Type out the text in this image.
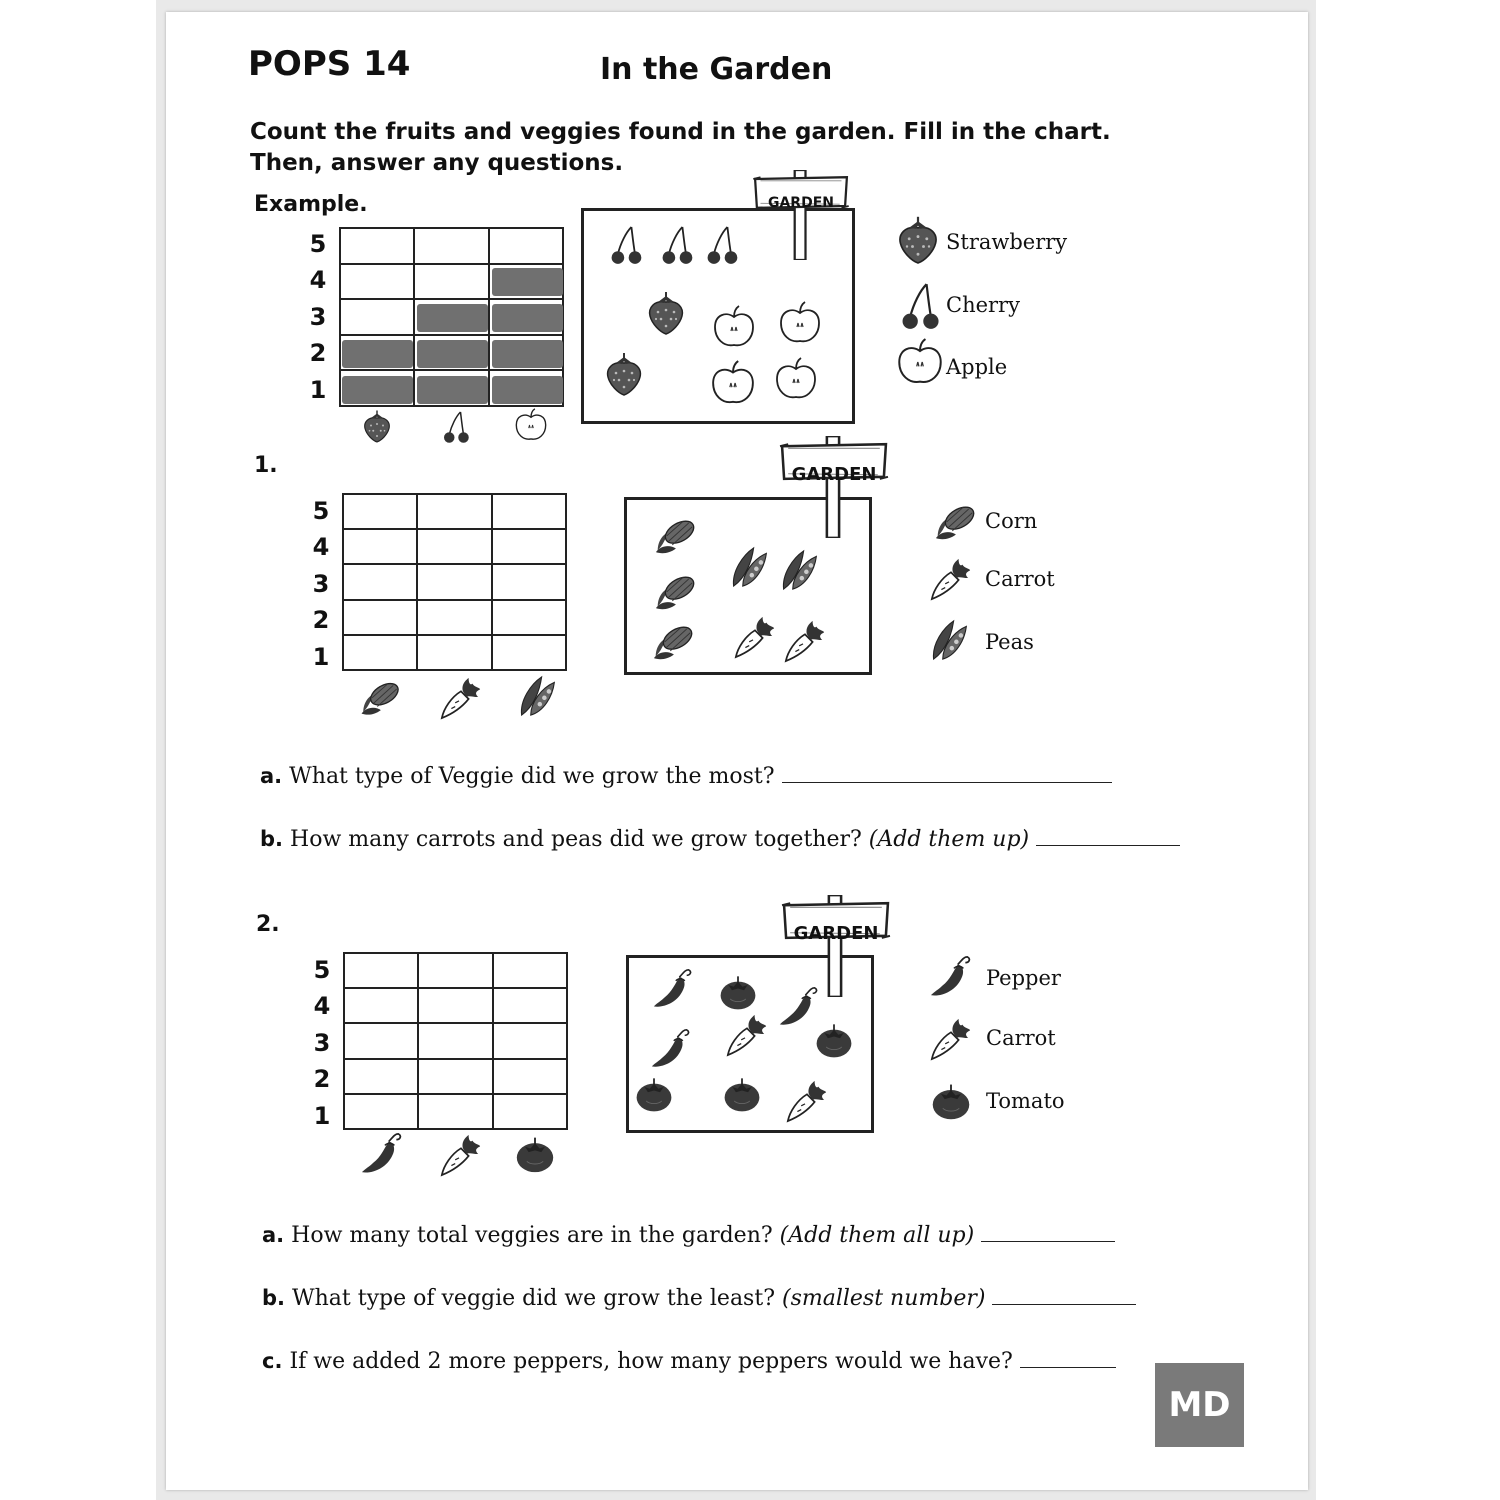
POPS 14	In the Garden
Count the fruits and veggies found in the garden. Fill in the chart.
Then, answer any questions.
Example.
5
4
3
2
1

GARDEN
Strawberry
Cherry
Apple
1.
5
4
3
2
1

GARDEN
Corn
Carrot
Peas
a. What type of Veggie did we grow the most?
b. How many carrots and peas did we grow together? (Add them up)
2.
5
4
3
2
1

GARDEN
Pepper
Carrot
Tomato
a. How many total veggies are in the garden? (Add them all up)
b. What type of veggie did we grow the least? (smallest number)
c. If we added 2 more peppers, how many peppers would we have?
MD
